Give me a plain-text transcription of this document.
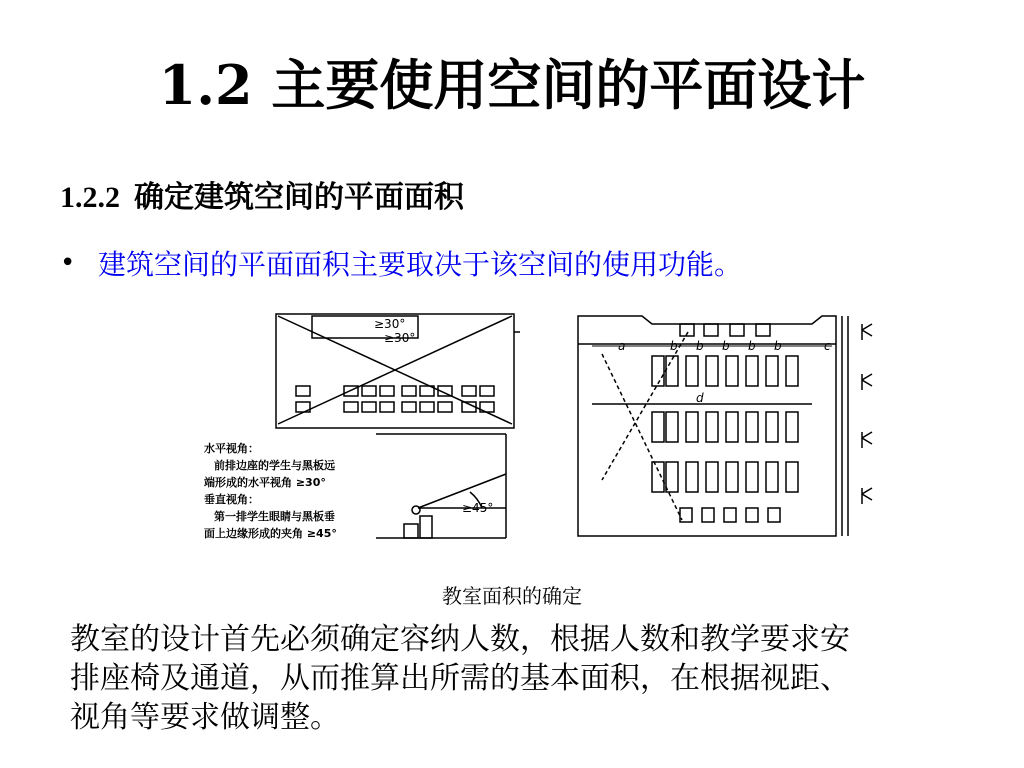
1.2 主要使用空间的平面设计
1.2.2 确定建筑空间的平面面积
• 建筑空间的平面面积主要取决于该空间的使用功能。
≥30°
≥30°
≥45°
水平视角：
前排边座的学生与黑板远
端形成的水平视角 ≥30°
垂直视角：
第一排学生眼睛与黑板垂
面上边缘形成的夹角 ≥45°
a	b b b b b	c
d
教室面积的确定

教室的设计首先必须确定容纳人数，根据人数和教学要求安

排座椅及通道，从而推算出所需的基本面积，在根据视距、

视角等要求做调整。
